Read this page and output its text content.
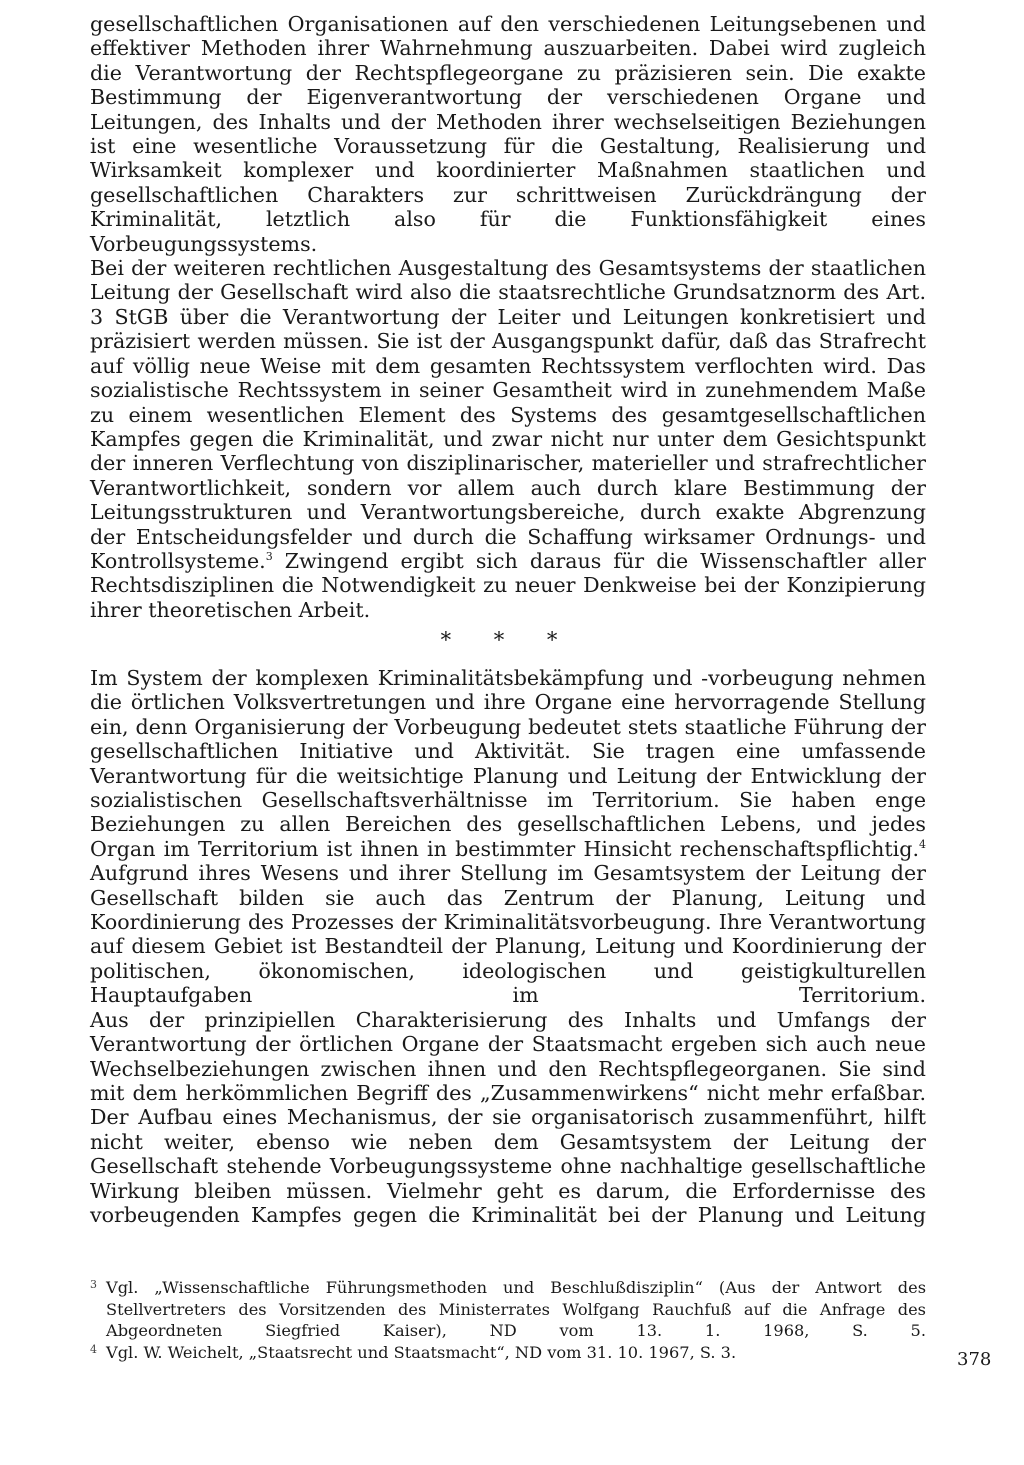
gesellschaftlichen Organisationen auf den verschiedenen Leitungsebenen und effektiver Methoden ihrer Wahrnehmung auszuarbeiten. Dabei wird zugleich die Verantwortung der Rechtspflegeorgane zu präzisieren sein. Die exakte Bestimmung der Eigenverantwortung der verschiedenen Organe und Leitungen, des Inhalts und der Methoden ihrer wechselseitigen Beziehungen ist eine wesentliche Voraussetzung für die Gestaltung, Realisierung und Wirksamkeit komplexer und koordinierter Maßnahmen staatlichen und gesellschaftlichen Charakters zur schrittweisen Zurückdrängung der Kriminalität, letztlich also für die Funktionsfähigkeit eines Vorbeugungssystems.

Bei der weiteren rechtlichen Ausgestaltung des Gesamtsystems der staatlichen Leitung der Gesellschaft wird also die staatsrechtliche Grundsatznorm des Art. 3 StGB über die Verantwortung der Leiter und Leitungen konkretisiert und präzisiert werden müssen. Sie ist der Ausgangspunkt dafür, daß das Strafrecht auf völlig neue Weise mit dem gesamten Rechtssystem verflochten wird. Das sozialistische Rechtssystem in seiner Gesamtheit wird in zunehmendem Maße zu einem wesentlichen Element des Systems des gesamtgesellschaftlichen Kampfes gegen die Kriminalität, und zwar nicht nur unter dem Gesichtspunkt der inneren Verflechtung von disziplinarischer, materieller und strafrechtlicher Verantwortlichkeit, sondern vor allem auch durch klare Bestimmung der Leitungsstrukturen und Verantwortungsbereiche, durch exakte Abgrenzung der Entscheidungsfelder und durch die Schaffung wirksamer Ordnungs- und Kontrollsysteme.$^3$ Zwingend ergibt sich daraus für die Wissenschaftler aller Rechtsdisziplinen die Notwendigkeit zu neuer Denkweise bei der Konzipierung ihrer theoretischen Arbeit.

* * *

Im System der komplexen Kriminalitätsbekämpfung und -vorbeugung nehmen die örtlichen Volksvertretungen und ihre Organe eine hervorragende Stellung ein, denn Organisierung der Vorbeugung bedeutet stets staatliche Führung der gesellschaftlichen Initiative und Aktivität. Sie tragen eine umfassende Verantwortung für die weitsichtige Planung und Leitung der Entwicklung der sozialistischen Gesellschaftsverhältnisse im Territorium. Sie haben enge Beziehungen zu allen Bereichen des gesellschaftlichen Lebens, und jedes Organ im Territorium ist ihnen in bestimmter Hinsicht rechenschaftspflichtig.$^4$ Aufgrund ihres Wesens und ihrer Stellung im Gesamtsystem der Leitung der Gesellschaft bilden sie auch das Zentrum der Planung, Leitung und Koordinierung des Prozesses der Kriminalitätsvorbeugung. Ihre Verantwortung auf diesem Gebiet ist Bestandteil der Planung, Leitung und Koordinierung der politischen, ökonomischen, ideologischen und geistigkulturellen Hauptaufgaben im Territorium.

Aus der prinzipiellen Charakterisierung des Inhalts und Umfangs der Verantwortung der örtlichen Organe der Staatsmacht ergeben sich auch neue Wechselbeziehungen zwischen ihnen und den Rechtspflegeorganen. Sie sind mit dem herkömmlichen Begriff des „Zusammenwirkens“ nicht mehr erfaßbar. Der Aufbau eines Mechanismus, der sie organisatorisch zusammenführt, hilft nicht weiter, ebenso wie neben dem Gesamtsystem der Leitung der Gesellschaft stehende Vorbeugungssysteme ohne nachhaltige gesellschaftliche Wirkung bleiben müssen. Vielmehr geht es darum, die Erfordernisse des vorbeugenden Kampfes gegen die Kriminalität bei der Planung und Leitung

3 Vgl. „Wissenschaftliche Führungsmethoden und Beschlußdisziplin“ (Aus der Antwort des Stellvertreters des Vorsitzenden des Ministerrates Wolfgang Rauchfuß auf die Anfrage des Abgeordneten Siegfried Kaiser), ND vom 13. 1. 1968, S. 5.
4 Vgl. W. Weichelt, „Staatsrecht und Staatsmacht“, ND vom 31. 10. 1967, S. 3.	378
